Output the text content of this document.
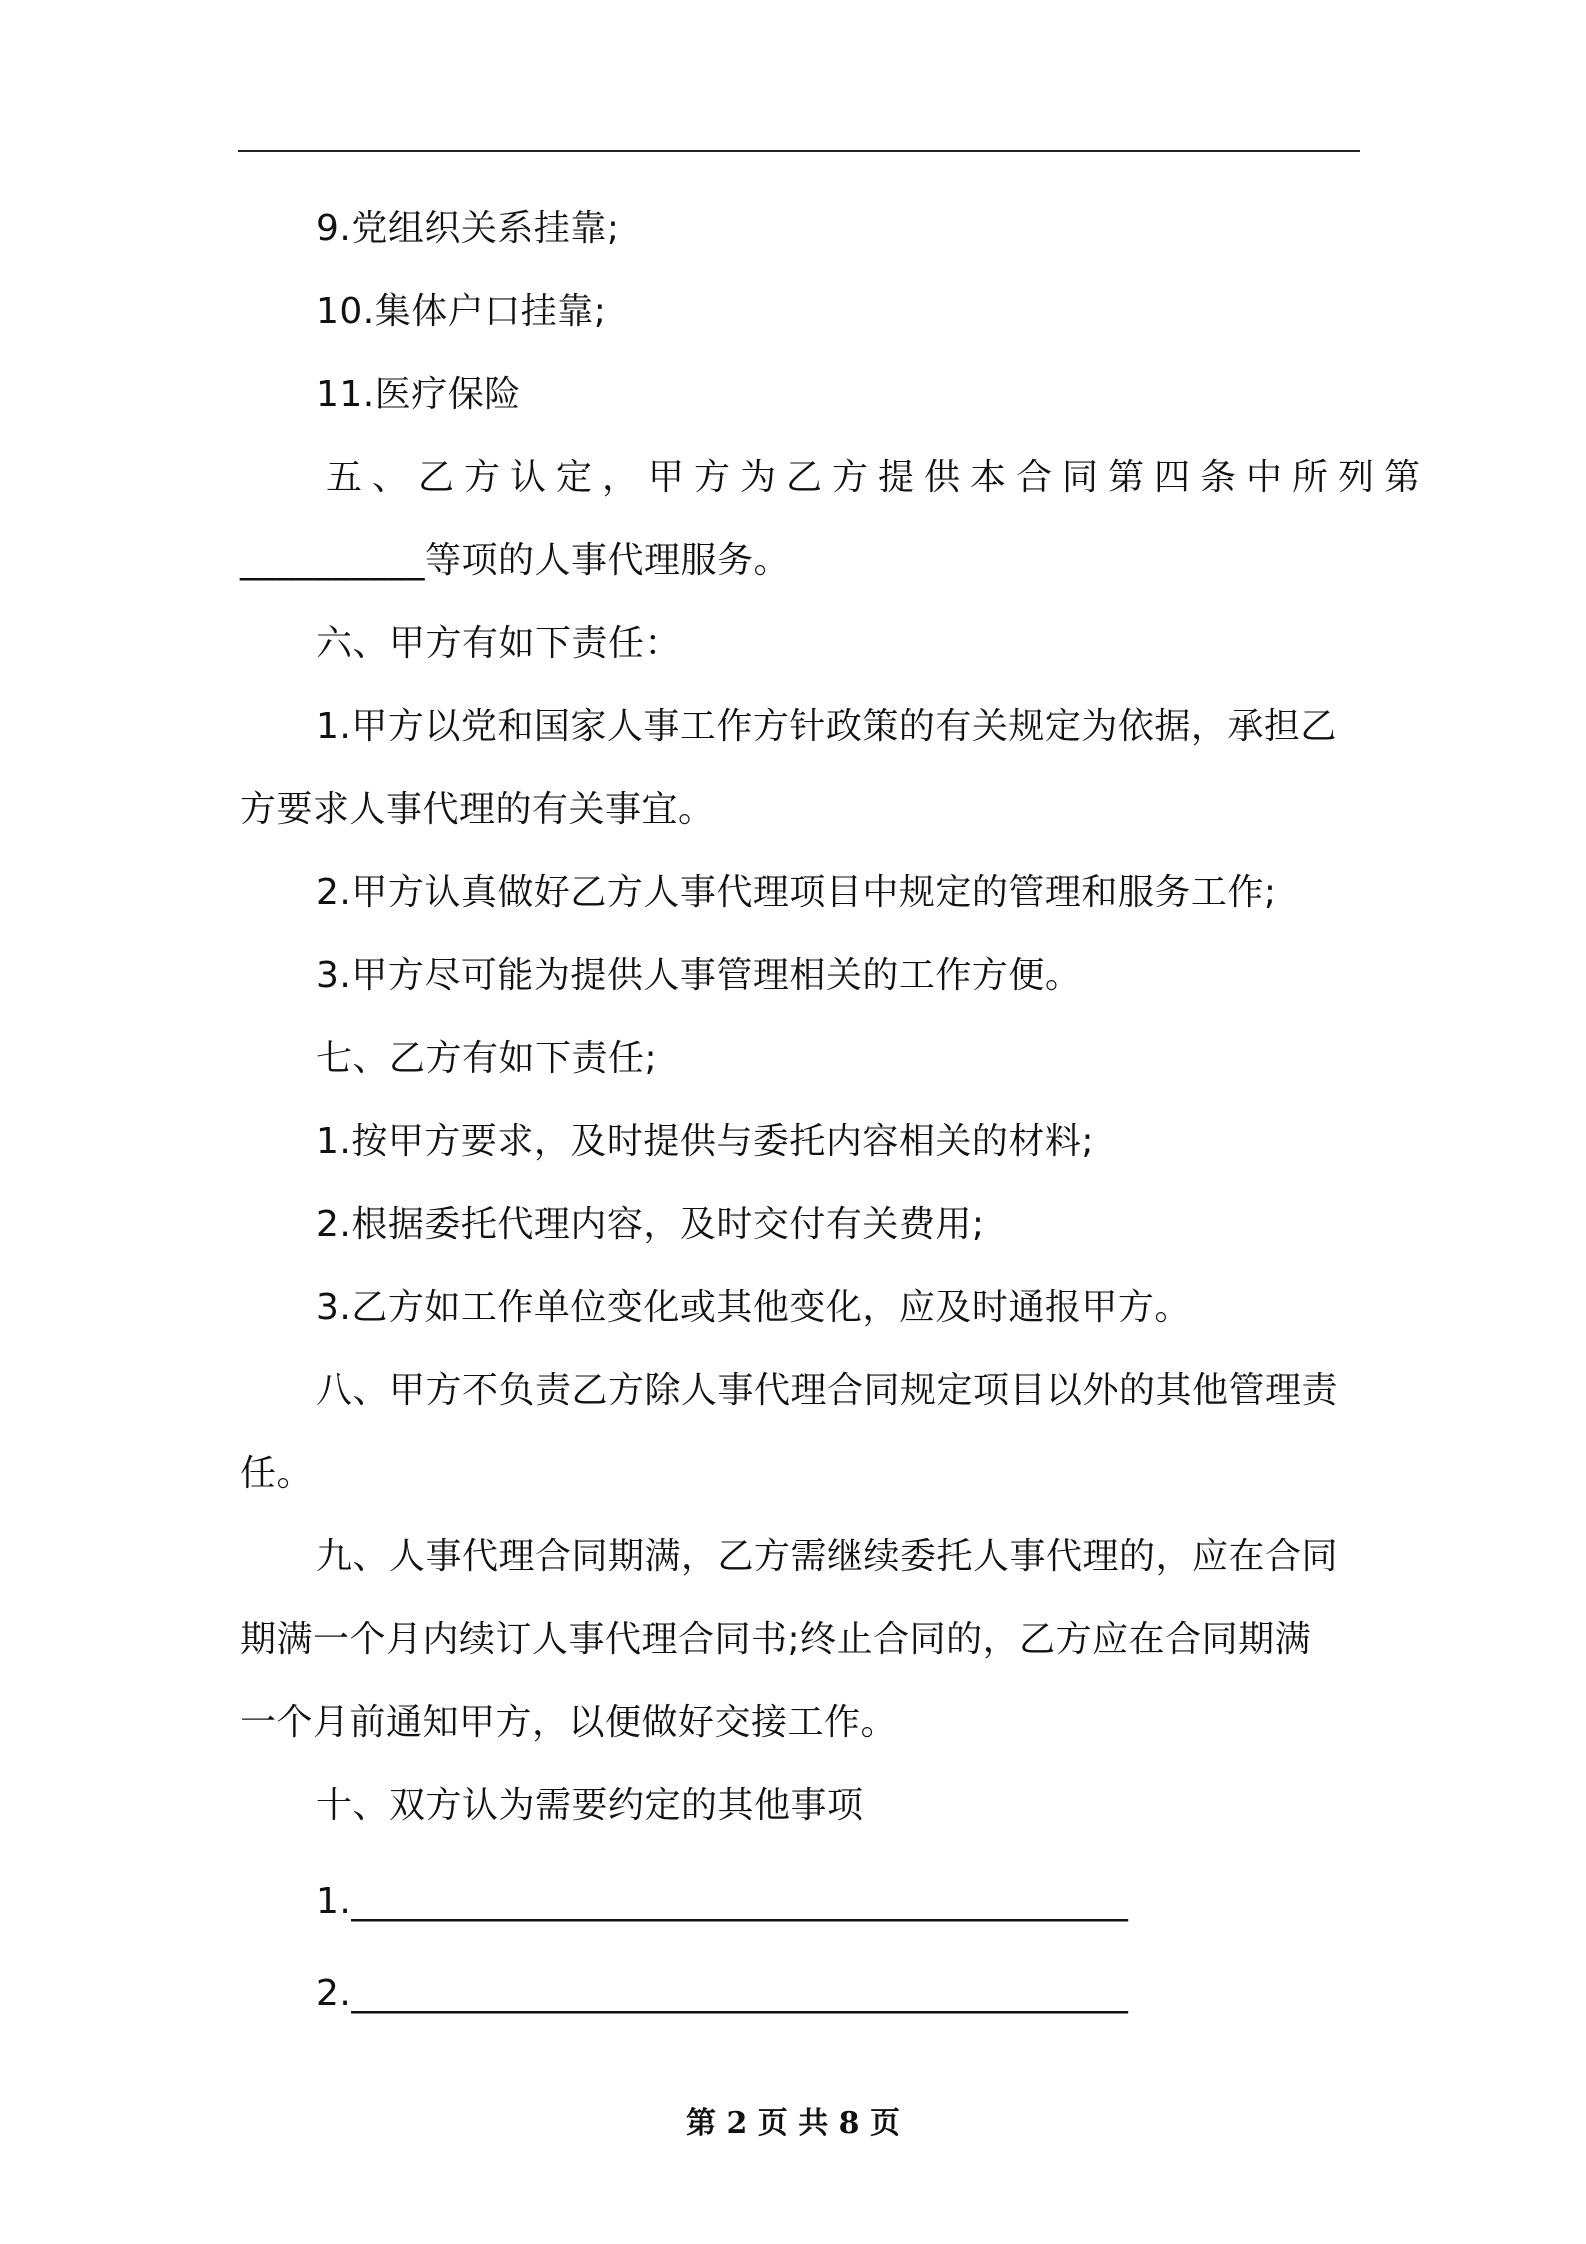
9.党组织关系挂靠;
10.集体户口挂靠;
11.医疗保险
五、乙方认定，甲方为乙方提供本合同第四条中所列第
__________等项的人事代理服务。
六、甲方有如下责任：
1.甲方以党和国家人事工作方针政策的有关规定为依据，承担乙
方要求人事代理的有关事宜。
2.甲方认真做好乙方人事代理项目中规定的管理和服务工作;
3.甲方尽可能为提供人事管理相关的工作方便。
七、乙方有如下责任;
1.按甲方要求，及时提供与委托内容相关的材料;
2.根据委托代理内容，及时交付有关费用;
3.乙方如工作单位变化或其他变化，应及时通报甲方。
八、甲方不负责乙方除人事代理合同规定项目以外的其他管理责
任。
九、人事代理合同期满，乙方需继续委托人事代理的，应在合同
期满一个月内续订人事代理合同书;终止合同的，乙方应在合同期满
一个月前通知甲方，以便做好交接工作。
十、双方认为需要约定的其他事项
1.__________________________________________
2.__________________________________________
第 2 页 共 8 页
